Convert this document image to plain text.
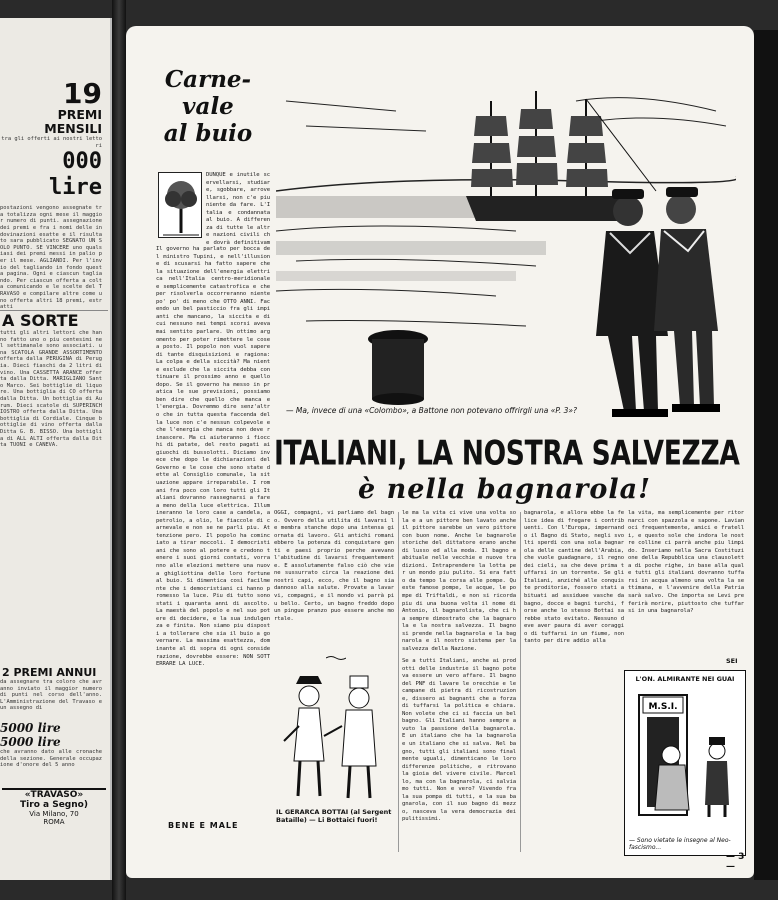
19
PREMI MENSILI
tra gli offerti ai nostri lettori
000 lire
postazioni vengono assegnate tra totalizza ogni mese il maggior numero di punti. assegnazione dei premi e fra i nomi delle indovinazioni esatte e il risultato sara pubblicato SEGNATO UN SOLO PUNTO. SE VINCERE uno qualsiasi dei premi messi in palio per il mese. AGLIANDI. Per l'invio del tagliando in fondo questa pagina. Ogni e ciascun tagliando. Per ciascun offerta a colta comunicando e le scelte del TRAVASO e compilare altre come uno offerta altri 18 premi, estratti
A SORTE
tutti gli altri lettori che hanno fatto uno o piu centesimi nel settimanale sono associati. una SCATOLA GRANDE ASSORTIMENTO offerta dalla PERUGINA di Perugia. Dieci fiaschi da 2 litri di vino. Una CASSETTA ARANCE offerta dalla Ditta. MARIGLIANO Santo Marco. Sei bottiglie di liquore. Una bottiglia di CO offerta dalla Ditta. Un bottiglia di Aurum. Dieci scatole di SUPERINCHIOSTRO offerta dalla Ditta. Una bottiglia di Cordiale. Cinque bottiglie di vino offerta dalla Ditta G. B. BISSO. Una bottiglia di ALL ALTI offerta dalla Ditta TUONI e CANEVA.
2 PREMI ANNUI
da assegnare tra coloro che avranno inviato il maggior numero di punti nel corso dell'anno. L'Amministrazione del Travaso e un assegno di
5000 lire
5000 lire
che avranno dato alle cronache della sezione. Generale occupazione d'onore del 5 anno
«TRAVASO»
Tiro a Segno)
Via Milano, 70
ROMA
Carne-
vale
al buio
DUNQUE e inutile scervellarsi, studiare, sgobbare, arrovellarsi, non c'e piu niente da fare. L'Italia e condannata al buio. A differenza di tutte le altre nazioni civili che dovrà definitivam
Il governo ha parlato per bocca del ministro Tupini, e nell'illusione di scusarsi ha fatto sapere che la situazione dell'energia elettrica nell'Italia centro-meridionale e semplicemente catastrofica e che per risolverla occorreranno niente po' po' di meno che OTTO ANNI. Facendo un bel pasticcio fra gli impianti che mancano, la siccita e di cui nessuno nei tempi scorsi aveva mai sentito parlare. Un ottimo argomento per poter rimettere le cose a posto. Il popolo non vuol sapere di tante disquisizioni e ragiona: La colpa e della siccità? Ma niente esclude che la siccita debba continuare il prossimo anno e quello dopo. Se il governo ha messo in pratica le sue previsioni, possiamo ben dire che quello che manca e l'energia. Dovremmo dire senz'altro che in tutta questa faccenda della luce non c'e nessun colpevole e che l'energia che manca non deve rinascere. Ma ci aiuteranno i fiocchi di patate, del resto pagati ai giuochi di bussolotti. Diciamo invece che dopo le dichiarazioni del Governo e le cose che sono state dette al Consiglio comunale, la situazione appare irreparabile. I romani fra poco con loro tutti gli Italiani dovranno rassegnarsi a fare a meno della luce elettrica. Illumineranno le loro case a candela, a petrolio, a olio, le fiaccole di carnevale e non se ne parli piu. Attenzione pero. Il popolo ha cominciato a tirar moccoli. I democristiani che sono al potere e credono tenere i suoi giorni contati, vorranno alle elezioni mettere una nuova ghigliottina delle loro fortune al buio. Si dimentica così facilmente che i democristiani ci hanno promesso la luce. Piu di tutto sono stati i quaranta anni di ascolto. La maestà del popolo e nel suo potere di decidere, e la sua indulgenza e finita. Non siamo piu disposti a tollerare che sia il buio a governare. La massima esattezza, dominante al di sopra di ogni considerazione, dovrebbe essere: NON SOTTERRARE LA LUCE.
BENE E MALE
— Ma, invece di una «Colombo», a Battone non potevano offrirgli una «P. 3»?
ITALIANI, LA NOSTRA SALVEZZA
è nella bagnarola!
OGGI, compagni, vi parliamo del bagno. Ovvero della utilita di lavarsi le membra stanche dopo una intensa giornata di lavoro. Gli antichi romani ebbero la potenza di conquistare genti e paesi proprio perche avevano l'abitudine di lavarsi frequentemente. E assolutamente falso ciò che viene sussurrato circa la reazione dei nostri capi, ecco, che il bagno sia dannoso alla salute. Provate a lavarvi, compagni, e il mondo vi parrà piu bello. Certo, un bagno freddo dopo un pingue pranzo puo essere anche mortale.
le ma la vita ci vive una volta sola e a un pittore ben lavato anche il pittore sarebbe un vero pittore con buon nome. Anche le bagnarole storiche del dittatore erano anche di lusso ed alla moda. Il bagno e abituale nelle vecchie e nuove tradizioni. Intraprendere la lotta per un mondo piu pulito. Si era fatto da tempo la corsa alle pompe. Queste famose pompe, le acque, le pompe di Triftaldi, e non si ricorda piu di una buona volta il nome di Antonio, il bagnarolista, che ci ha sempre dimostrato che la bagnarola e la nostra salvezza. Il bagno si prende nella bagnarola e la bagnarola e il nostro sistema per la salvezza della Nazione.
Se a tutti Italiani, anche ai prodotti delle industrie il bagno poteva essere un vero affare. Il bagno del PNF di lavare le orecchie e le campane di pietra di ricostruzione, dissero ai bagnanti che a forza di tuffarsi la politica e chiara. Non volete che ci si faccia un bel bagno. Gli Italiani hanno sempre avuto la passione della bagnarola. E un italiano che ha la bagnarola e un italiano che si salva. Nel bagno, tutti gli italiani sono finalmente uguali, dimenticano le loro differenze politiche, e ritrovano la gioia del vivere civile. Marcello, ma con la bagnarola, ci salviamo tutti. Non e vero? Vivendo fra la sua pompa di tutti, e la sua bagnarola, con il suo bagno di mezzo, nasceva la vera democrazia dei pulitissimi.
bagnarola, e allora ebbe la felice idea di fregare i contribuenti. Con l'Europa, impernando il Bagno di Stato, negli svolti sperdi con una sola bagnarola delle cantine dell'Arabia, che vuole guadagnare, il regno dei cieli, sa che deve prima tuffarsi in un torrente. Se gli Italiani, anziché alle conquiste proditorie, fossero stati abituati ad assiduee vasche da bagno, docce e bagni turchi, forse anche lo stesso Bottai sarebbe stato evitato. Nessuno deve aver paura di aver coraggio di tuffarsi in un fiume, non tanto per dire addio alla
la vita, ma semplicemente per ritornarci con spazzola e sapone. Lavianoci frequentemente, amici e fratelli, e questo sole che indora le nostre colline ci parrà anche piu limpido. Inseriamo nella Sacra Costituzione della Repubblica una clausoletta di poche righe, in base alla quale tutti gli italiani dovranno tuffarsi in acqua almeno una volta la settimana, e l'avvenire della Patria sarà salvo. Che importa se Levi preferirà morire, piuttosto che tuffarsi in una bagnarola?
SEI
IL GERARCA BOTTAI (al Sergent Bataille) — Li Bottaici fuori!
L'ON. ALMIRANTE NEI GUAI
M.S.I.
— Sono vietate le insegne al Neo-fascismo...
— 3 —
